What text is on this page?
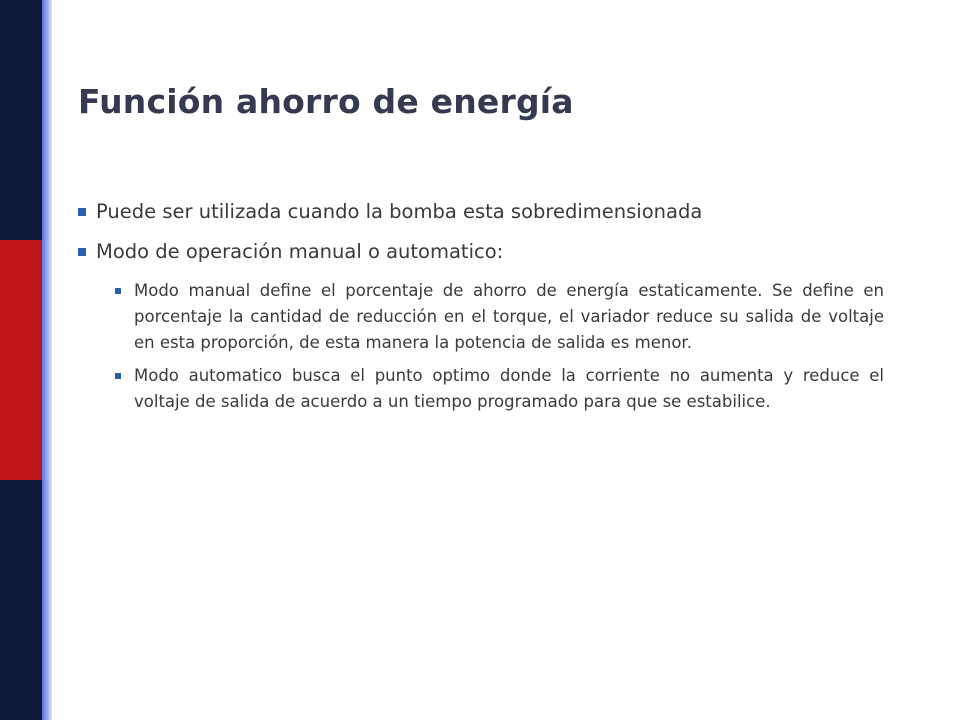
Función ahorro de energía
Puede ser utilizada cuando la bomba esta sobredimensionada
Modo de operación manual o automatico:
Modo manual define el porcentaje de ahorro de energía estaticamente. Se define en porcentaje la cantidad de reducción en el torque, el variador reduce su salida de voltaje en esta proporción, de esta manera la potencia de salida es menor.
Modo automatico busca el punto optimo donde la corriente no aumenta y reduce el voltaje de salida de acuerdo a un tiempo programado para que se estabilice.
